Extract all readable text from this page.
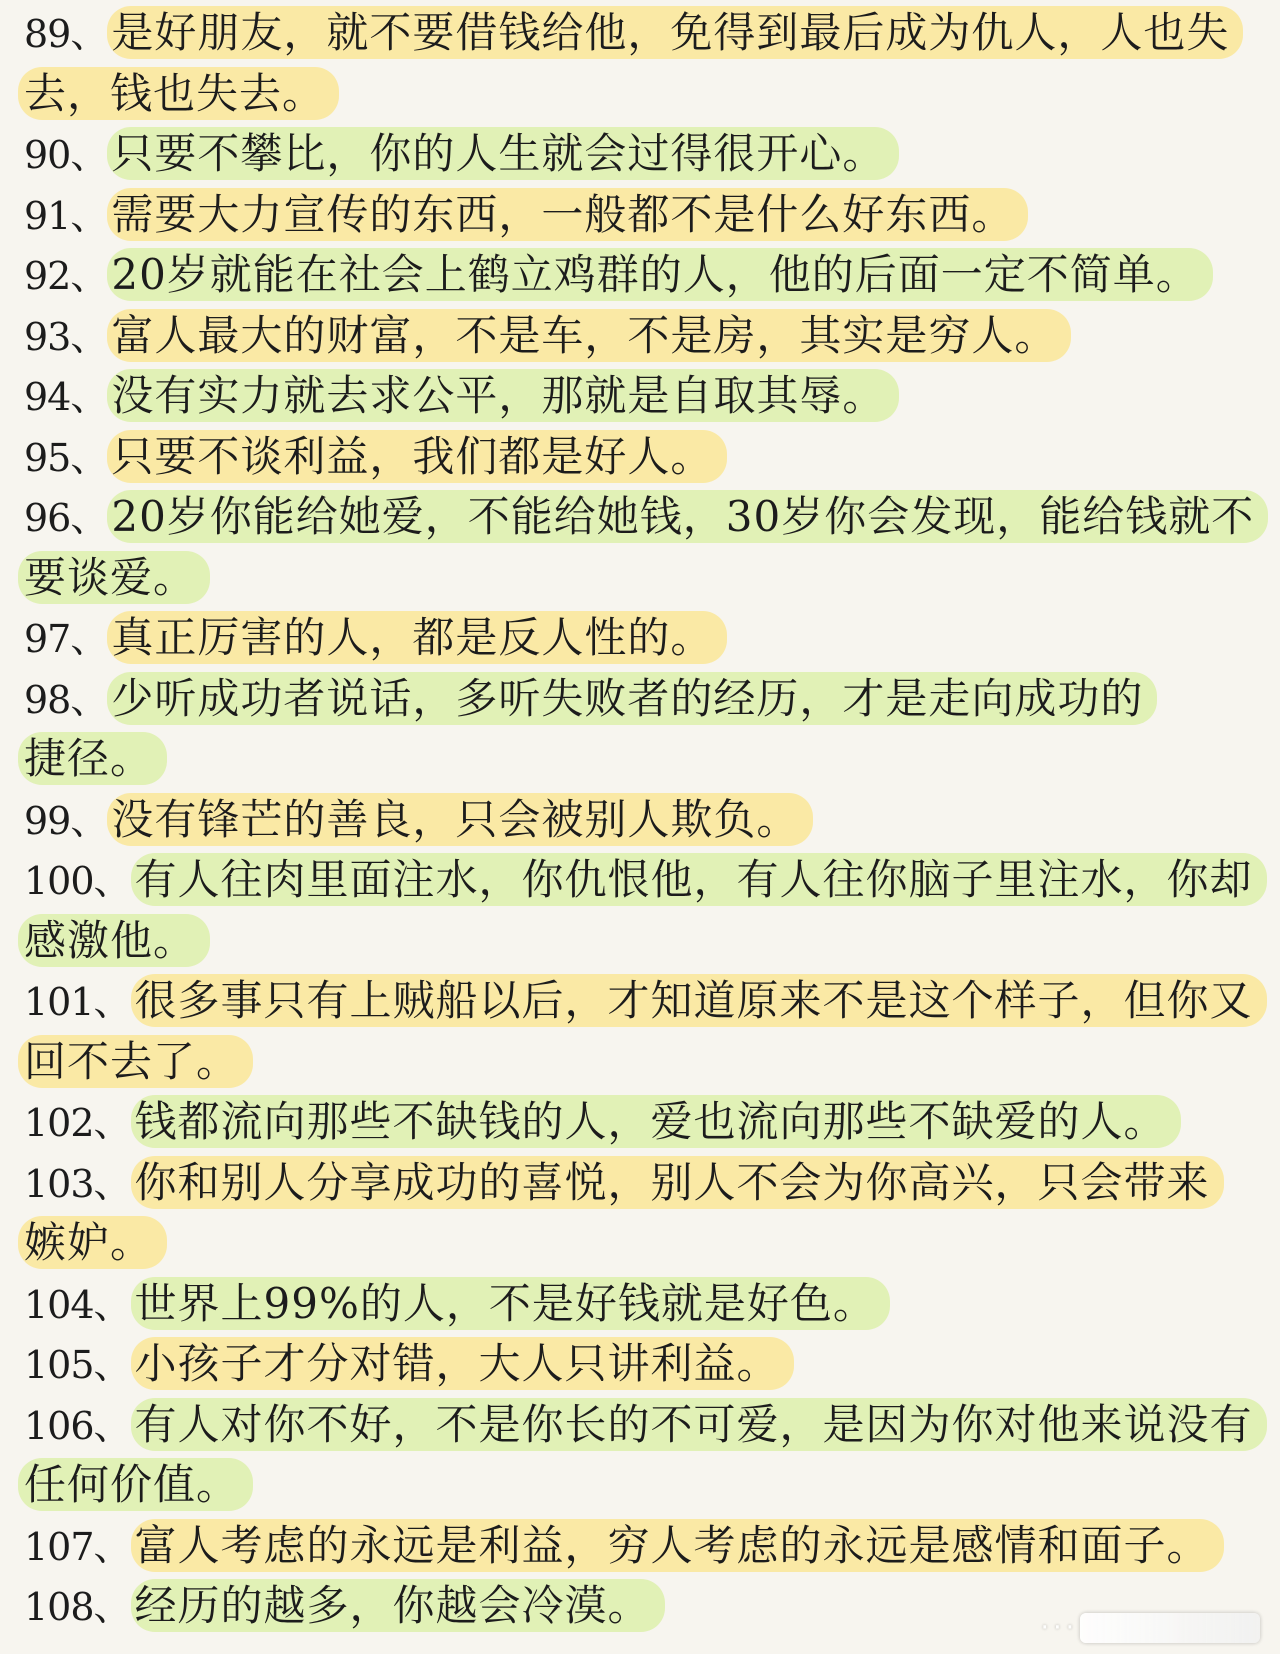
89、是好朋友，就不要借钱给他，免得到最后成为仇人，人也失
去，钱也失去。
90、只要不攀比，你的人生就会过得很开心。
91、需要大力宣传的东西，一般都不是什么好东西。
92、20岁就能在社会上鹤立鸡群的人，他的后面一定不简单。
93、富人最大的财富，不是车，不是房，其实是穷人。
94、没有实力就去求公平，那就是自取其辱。
95、只要不谈利益，我们都是好人。
96、20岁你能给她爱，不能给她钱，30岁你会发现，能给钱就不
要谈爱。
97、真正厉害的人，都是反人性的。
98、少听成功者说话，多听失败者的经历，才是走向成功的
捷径。
99、没有锋芒的善良，只会被别人欺负。
100、有人往肉里面注水，你仇恨他，有人往你脑子里注水，你却
感激他。
101、很多事只有上贼船以后，才知道原来不是这个样子，但你又
回不去了。
102、钱都流向那些不缺钱的人，爱也流向那些不缺爱的人。
103、你和别人分享成功的喜悦，别人不会为你高兴，只会带来
嫉妒。
104、世界上99%的人，不是好钱就是好色。
105、小孩子才分对错，大人只讲利益。
106、有人对你不好，不是你长的不可爱，是因为你对他来说没有
任何价值。
107、富人考虑的永远是利益，穷人考虑的永远是感情和面子。
108、经历的越多，你越会冷漠。	· · ·
